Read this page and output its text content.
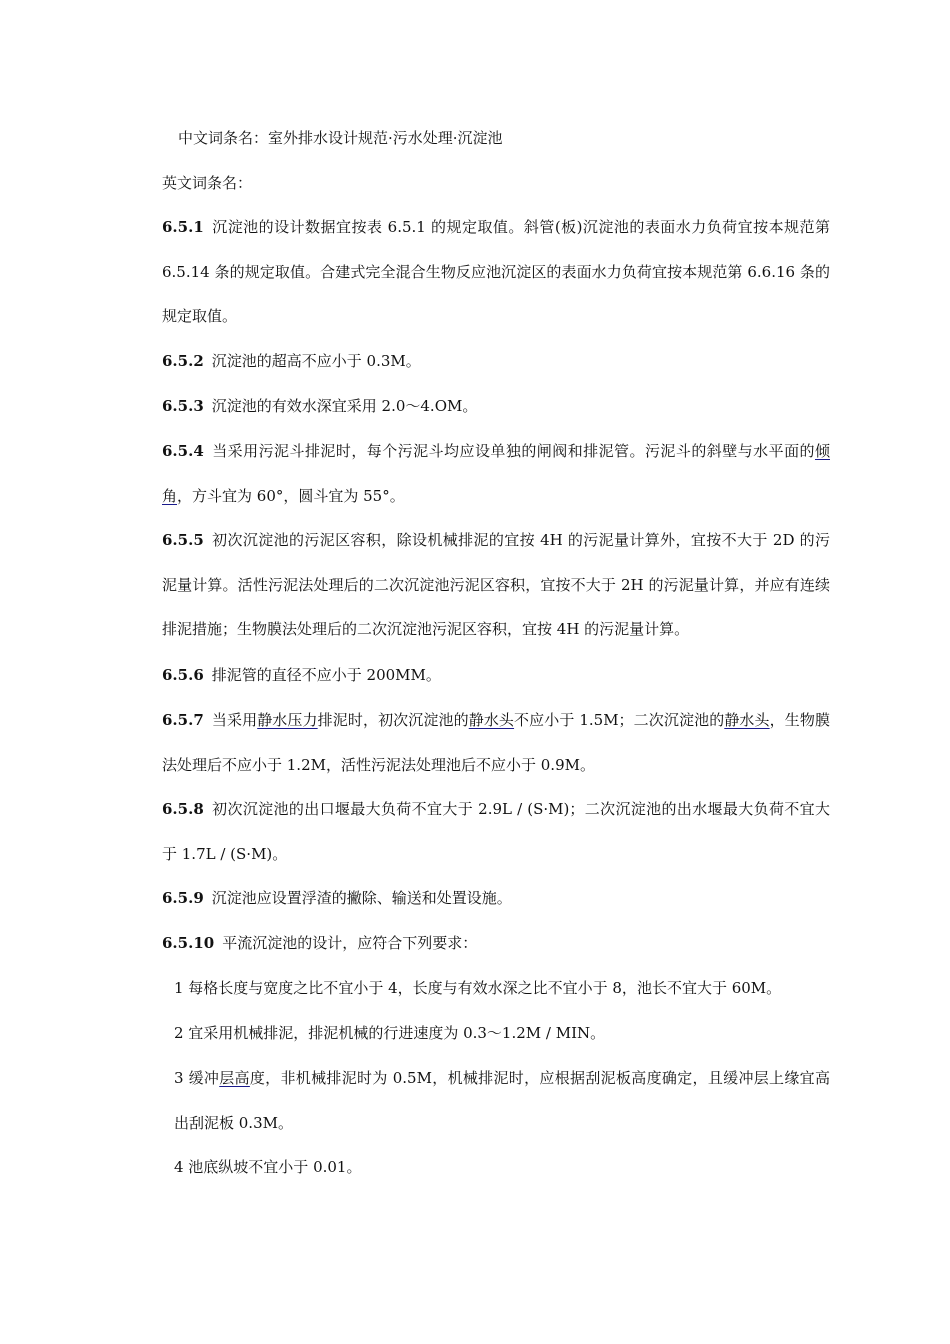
中文词条名：室外排水设计规范·污水处理·沉淀池

英文词条名：

6.5.1 沉淀池的设计数据宜按表 6.5.1 的规定取值。斜管(板)沉淀池的表面水力负荷宜按本规范第 6.5.14 条的规定取值。合建式完全混合生物反应池沉淀区的表面水力负荷宜按本规范第 6.6.16 条的规定取值。

6.5.2 沉淀池的超高不应小于 0.3M。

6.5.3 沉淀池的有效水深宜采用 2.0～4.OM。

6.5.4 当采用污泥斗排泥时，每个污泥斗均应设单独的闸阀和排泥管。污泥斗的斜壁与水平面的倾角，方斗宜为 60°，圆斗宜为 55°。

6.5.5 初次沉淀池的污泥区容积，除设机械排泥的宜按 4H 的污泥量计算外，宜按不大于 2D 的污泥量计算。活性污泥法处理后的二次沉淀池污泥区容积，宜按不大于 2H 的污泥量计算，并应有连续排泥措施；生物膜法处理后的二次沉淀池污泥区容积，宜按 4H 的污泥量计算。

6.5.6 排泥管的直径不应小于 200MM。

6.5.7 当采用静水压力排泥时，初次沉淀池的静水头不应小于 1.5M；二次沉淀池的静水头，生物膜法处理后不应小于 1.2M，活性污泥法处理池后不应小于 0.9M。

6.5.8 初次沉淀池的出口堰最大负荷不宜大于 2.9L / (S·M)；二次沉淀池的出水堰最大负荷不宜大于 1.7L / (S·M)。

6.5.9 沉淀池应设置浮渣的撇除、输送和处置设施。

6.5.10 平流沉淀池的设计，应符合下列要求：

1 每格长度与宽度之比不宜小于 4，长度与有效水深之比不宜小于 8，池长不宜大于 60M。

2 宜采用机械排泥，排泥机械的行进速度为 0.3～1.2M / MIN。

3 缓冲层高度，非机械排泥时为 0.5M，机械排泥时，应根据刮泥板高度确定，且缓冲层上缘宜高出刮泥板 0.3M。

4 池底纵坡不宜小于 0.01。
